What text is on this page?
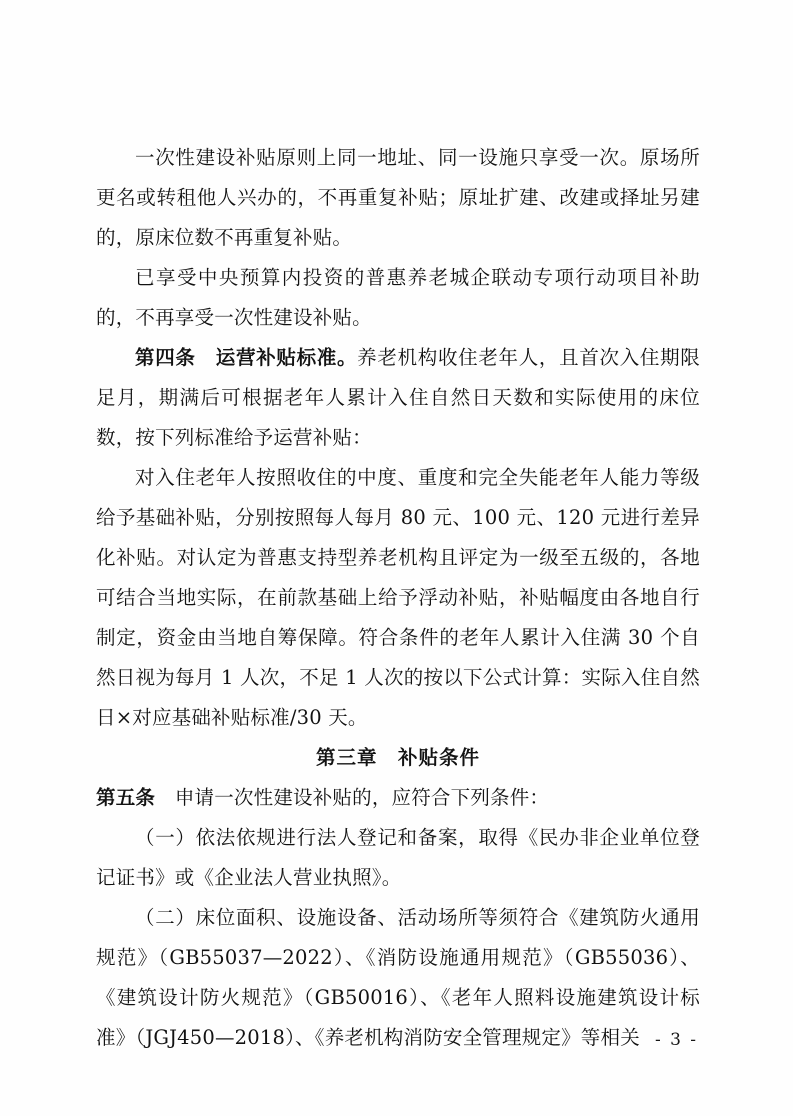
一次性建设补贴原则上同一地址、同一设施只享受一次。原场所更名或转租他人兴办的，不再重复补贴；原址扩建、改建或择址另建的，原床位数不再重复补贴。

已享受中央预算内投资的普惠养老城企联动专项行动项目补助的，不再享受一次性建设补贴。

第四条　 运营补贴标准。养老机构收住老年人，且首次入住期限足月，期满后可根据老年人累计入住自然日天数和实际使用的床位数，按下列标准给予运营补贴：

对入住老年人按照收住的中度、重度和完全失能老年人能力等级给予基础补贴，分别按照每人每月 80 元、100 元、120 元进行差异化补贴。对认定为普惠支持型养老机构且评定为一级至五级的，各地可结合当地实际，在前款基础上给予浮动补贴，补贴幅度由各地自行制定，资金由当地自筹保障。符合条件的老年人累计入住满 30 个自然日视为每月 1 人次，不足 1 人次的按以下公式计算：实际入住自然日×对应基础补贴标准/30 天。

第三章　补贴条件

第五条　 申请一次性建设补贴的，应符合下列条件：

（一）依法依规进行法人登记和备案，取得《民办非企业单位登记证书》或《企业法人营业执照》。

（二）床位面积、设施设备、活动场所等须符合《建筑防火通用规范》（GB55037—2022）、《消防设施通用规范》（GB55036）、《建筑设计防火规范》（GB50016）、《老年人照料设施建筑设计标准》（JGJ450—2018）、《养老机构消防安全管理规定》等相关 - 3 -
